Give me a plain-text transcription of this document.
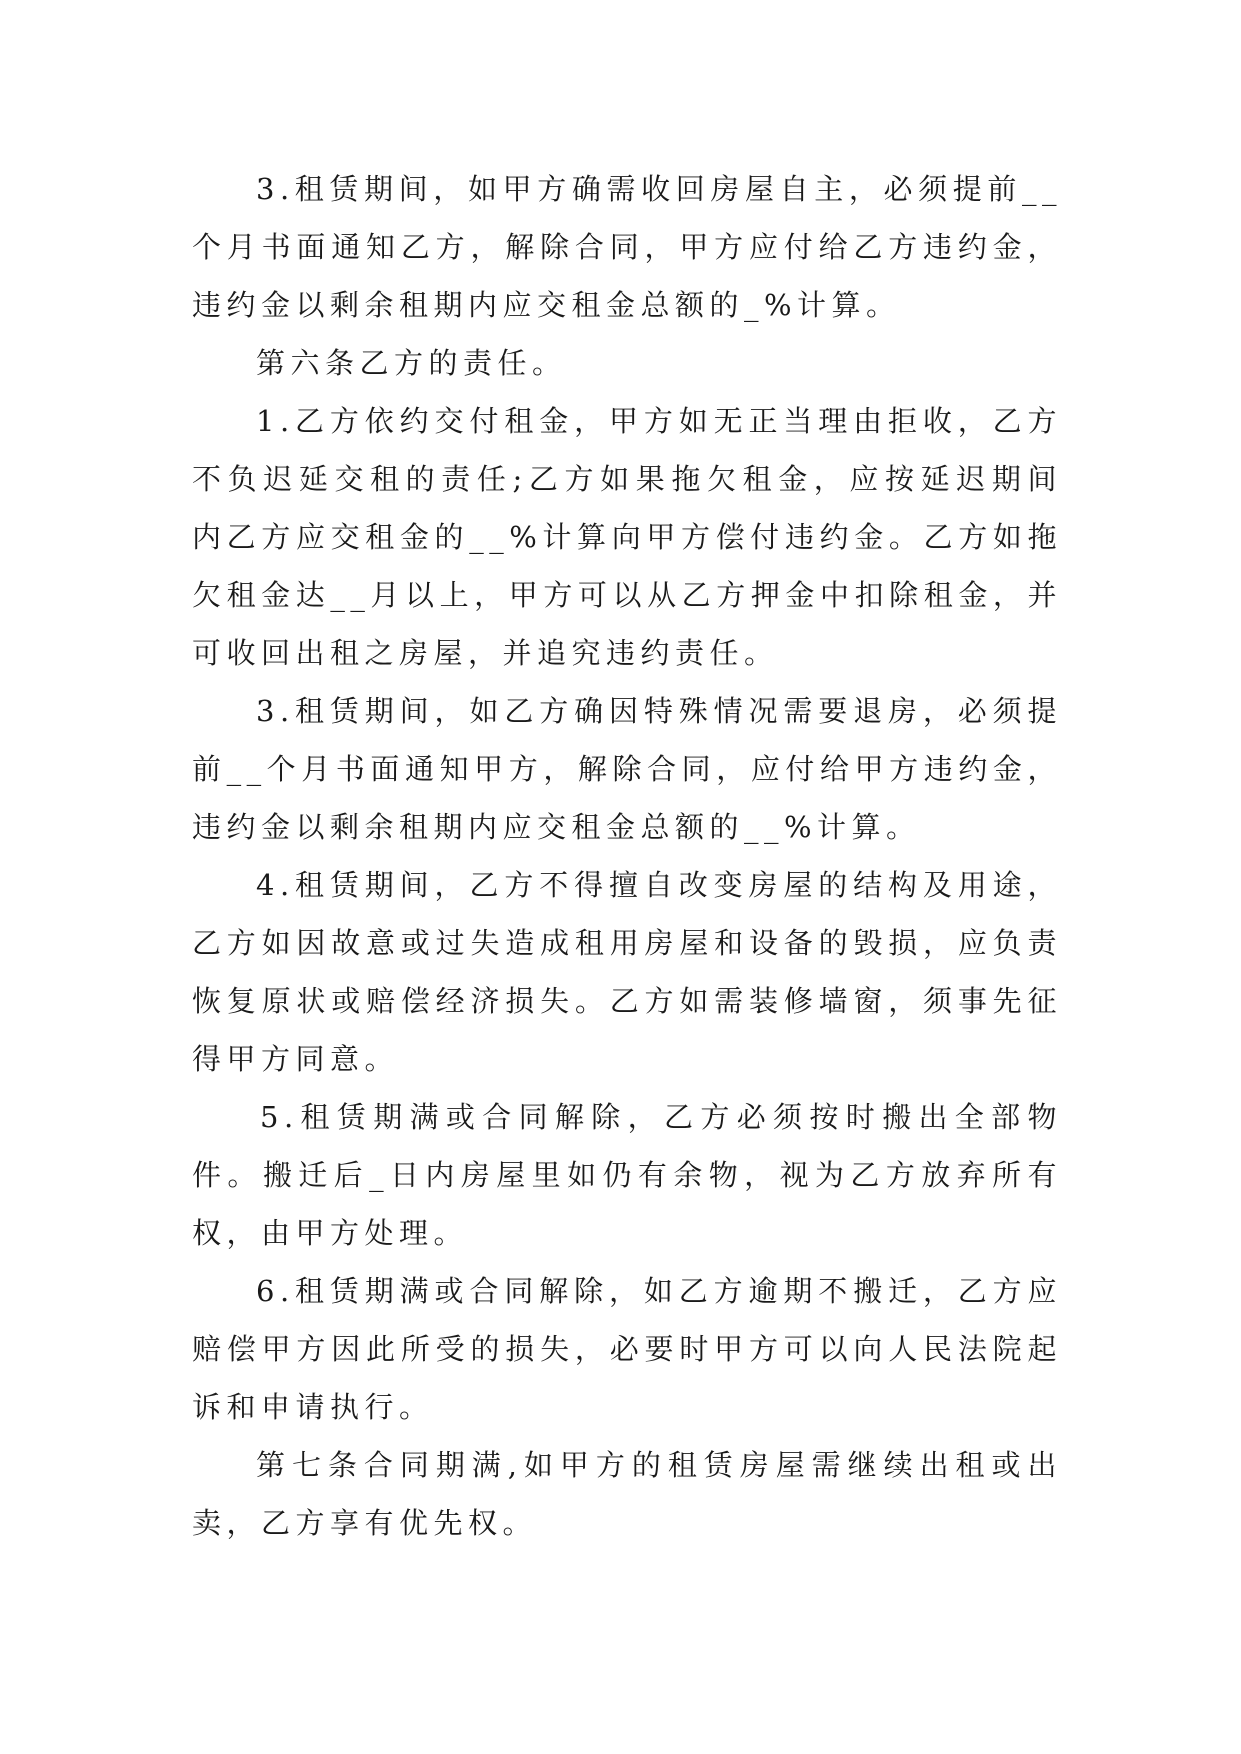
3.租赁期间，如甲方确需收回房屋自主，必须提前__个月书面通知乙方，解除合同，甲方应付给乙方违约金，违约金以剩余租期内应交租金总额的_%计算。

第六条乙方的责任。

1.乙方依约交付租金，甲方如无正当理由拒收，乙方不负迟延交租的责任;乙方如果拖欠租金，应按延迟期间内乙方应交租金的__%计算向甲方偿付违约金。乙方如拖欠租金达__月以上，甲方可以从乙方押金中扣除租金，并可收回出租之房屋，并追究违约责任。

3.租赁期间，如乙方确因特殊情况需要退房，必须提前__个月书面通知甲方，解除合同，应付给甲方违约金，违约金以剩余租期内应交租金总额的__%计算。

4.租赁期间，乙方不得擅自改变房屋的结构及用途，乙方如因故意或过失造成租用房屋和设备的毁损，应负责恢复原状或赔偿经济损失。乙方如需装修墙窗，须事先征得甲方同意。

5.租赁期满或合同解除，乙方必须按时搬出全部物件。搬迁后_日内房屋里如仍有余物，视为乙方放弃所有权，由甲方处理。

6.租赁期满或合同解除，如乙方逾期不搬迁，乙方应赔偿甲方因此所受的损失，必要时甲方可以向人民法院起诉和申请执行。

第七条合同期满,如甲方的租赁房屋需继续出租或出卖，乙方享有优先权。
